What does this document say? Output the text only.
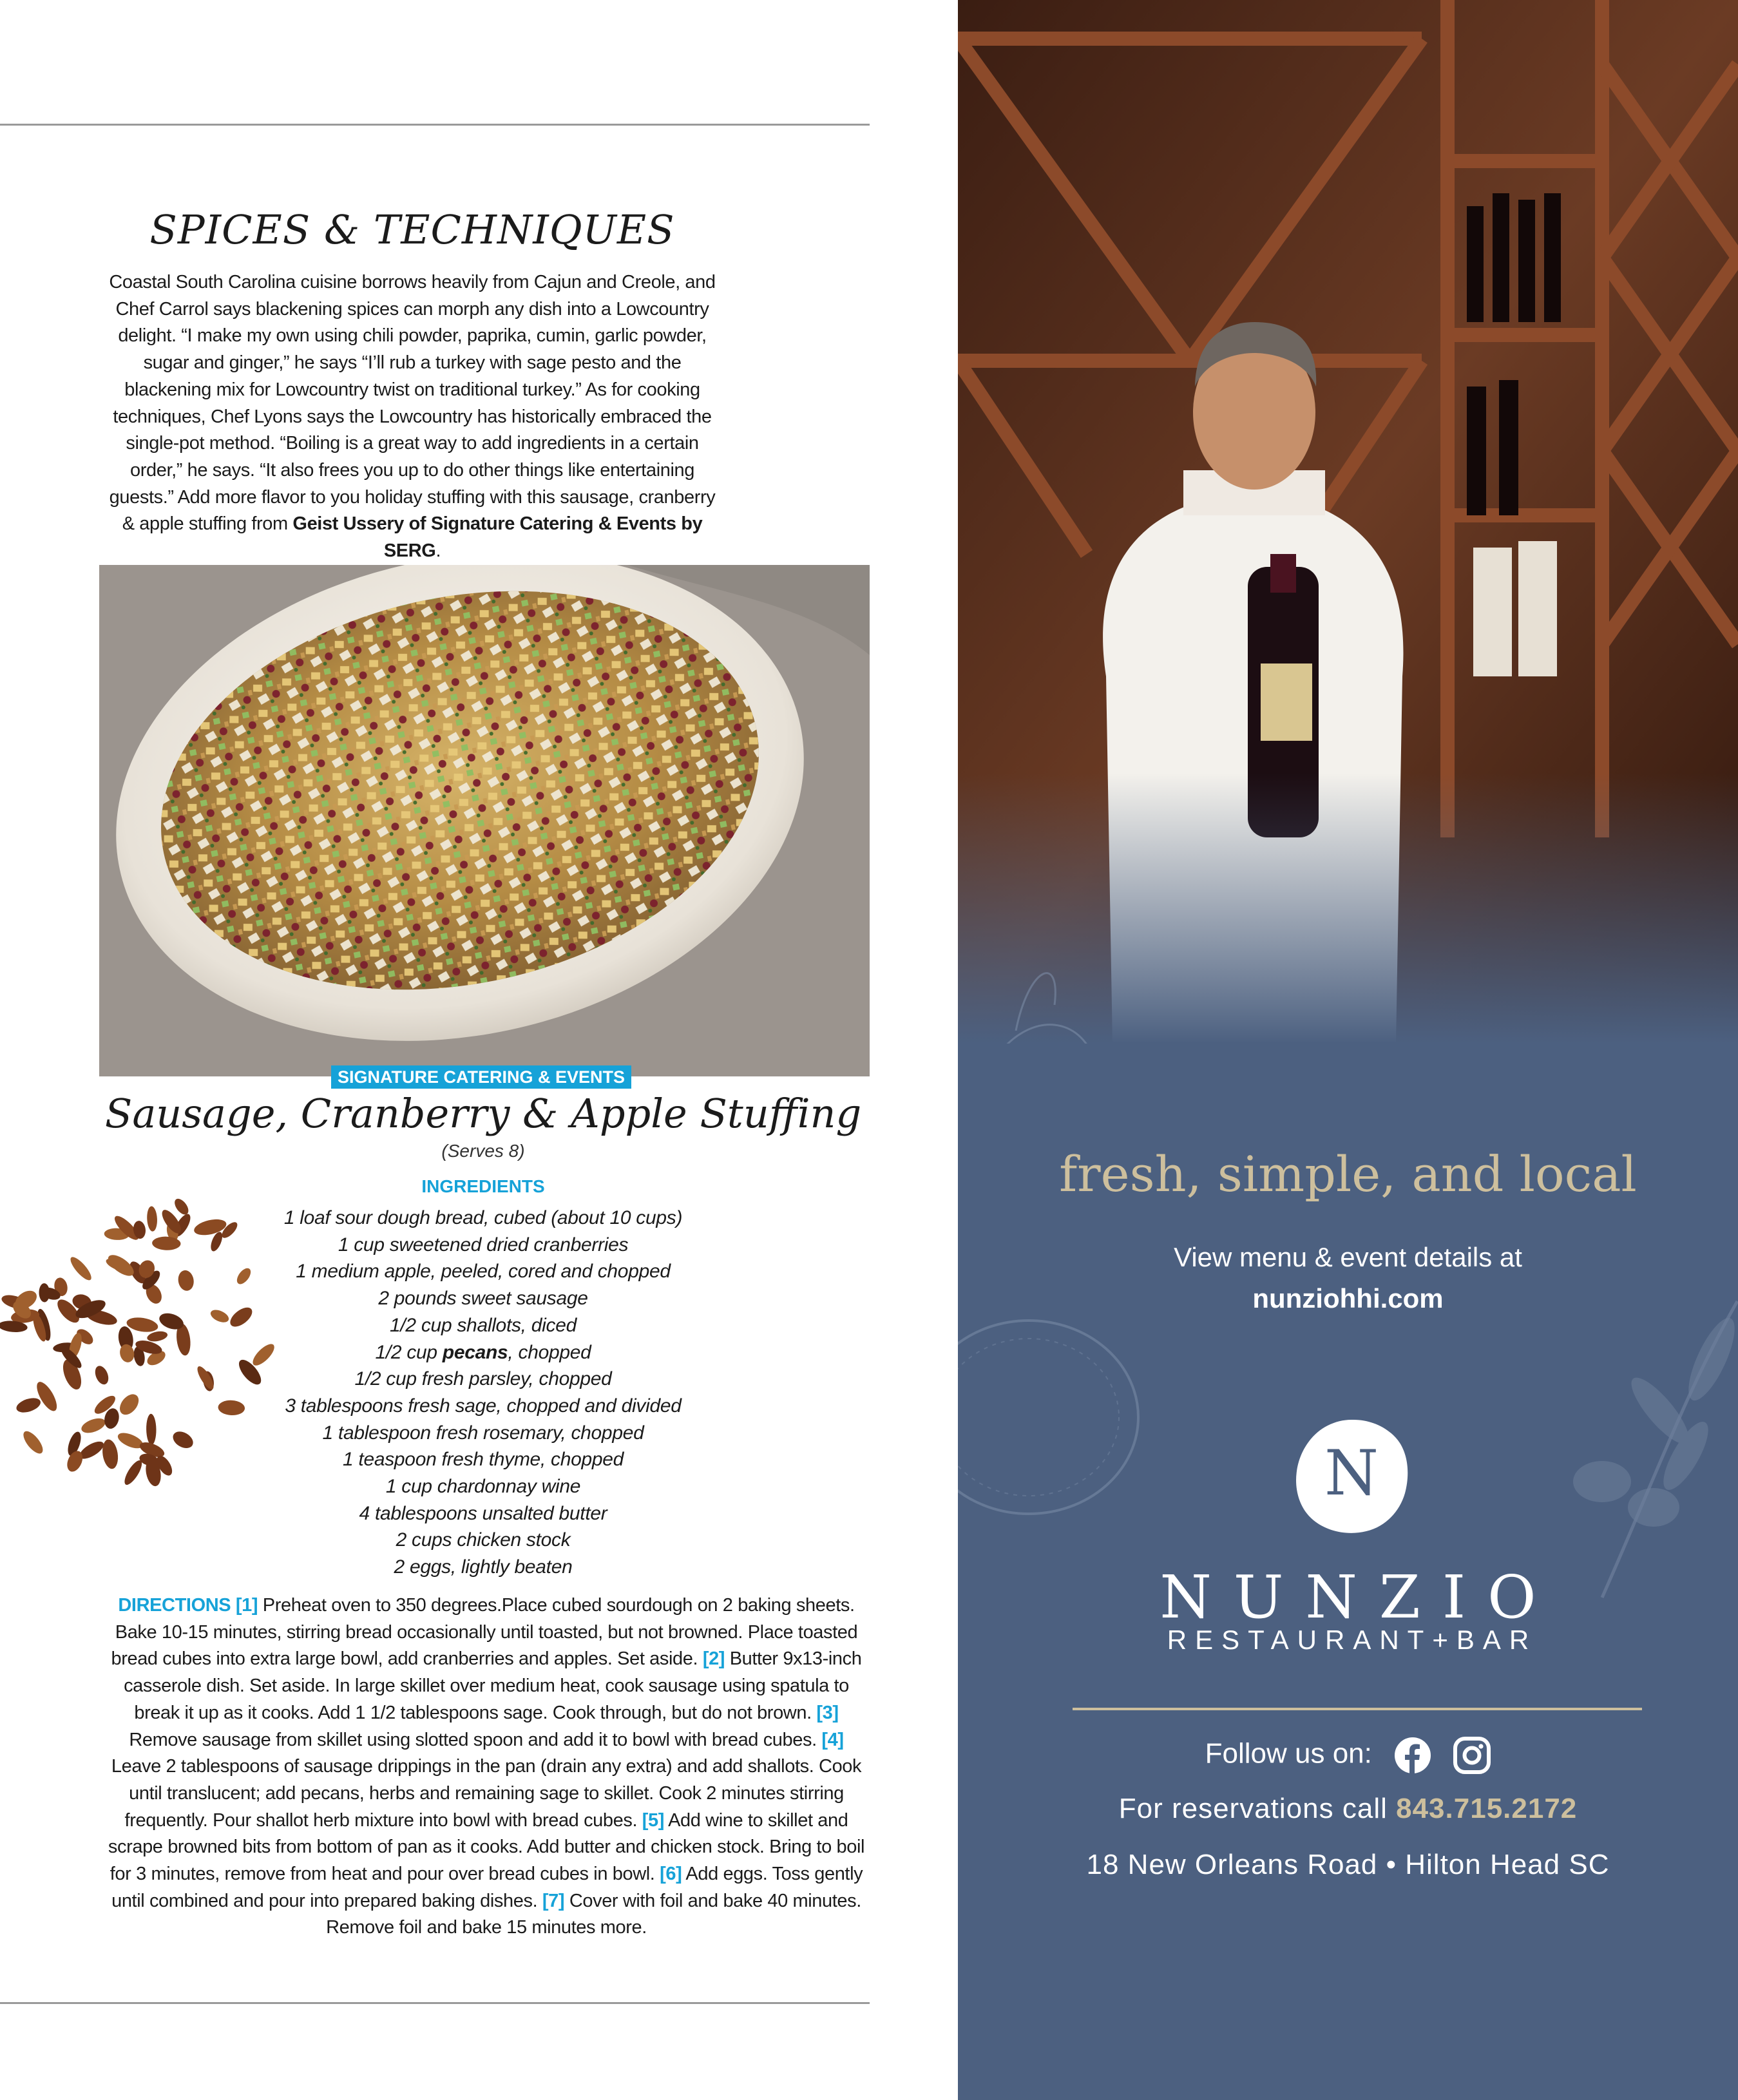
SPICES & TECHNIQUES

Coastal South Carolina cuisine borrows heavily from Cajun and Creole, and Chef Carrol says blackening spices can morph any dish into a Lowcountry delight. “I make my own using chili powder, paprika, cumin, garlic powder, sugar and ginger,” he says “I’ll rub a turkey with sage pesto and the blackening mix for Lowcountry twist on traditional turkey.” As for cooking techniques, Chef Lyons says the Lowcountry has historically embraced the single-pot method. “Boiling is a great way to add ingredients in a certain order,” he says. “It also frees you up to do other things like entertaining guests.” Add more flavor to you holiday stuffing with this sausage, cranberry & apple stuffing from Geist Ussery of Signature Catering & Events by SERG.

SIGNATURE CATERING & EVENTS
Sausage, Cranberry & Apple Stuffing
(Serves 8)
INGREDIENTS
1 loaf sour dough bread, cubed (about 10 cups)
1 cup sweetened dried cranberries
1 medium apple, peeled, cored and chopped
2 pounds sweet sausage
1/2 cup shallots, diced
1/2 cup pecans, chopped
1/2 cup fresh parsley, chopped
3 tablespoons fresh sage, chopped and divided
1 tablespoon fresh rosemary, chopped
1 teaspoon fresh thyme, chopped
1 cup chardonnay wine
4 tablespoons unsalted butter
2 cups chicken stock
2 eggs, lightly beaten

DIRECTIONS [1] Preheat oven to 350 degrees.Place cubed sourdough on 2 baking sheets. Bake 10-15 minutes, stirring bread occasionally until toasted, but not browned. Place toasted bread cubes into extra large bowl, add cranberries and apples. Set aside. [2] Butter 9x13-inch casserole dish. Set aside. In large skillet over medium heat, cook sausage using spatula to break it up as it cooks. Add 1 1/2 tablespoons sage. Cook through, but do not brown. [3] Remove sausage from skillet using slotted spoon and add it to bowl with bread cubes. [4] Leave 2 tablespoons of sausage drippings in the pan (drain any extra) and add shallots. Cook until translucent; add pecans, herbs and remaining sage to skillet. Cook 2 minutes stirring frequently. Pour shallot herb mixture into bowl with bread cubes. [5] Add wine to skillet and scrape browned bits from bottom of pan as it cooks. Add butter and chicken stock. Bring to boil for 3 minutes, remove from heat and pour over bread cubes in bowl. [6] Add eggs. Toss gently until combined and pour into prepared baking dishes. [7] Cover with foil and bake 40 minutes. Remove foil and bake 15 minutes more.

fresh, simple, and local
View menu & event details at
nunziohhi.com
N
NUNZIO
RESTAURANT+BAR
Follow us on:
For reservations call 843.715.2172
18 New Orleans Road • Hilton Head SC
